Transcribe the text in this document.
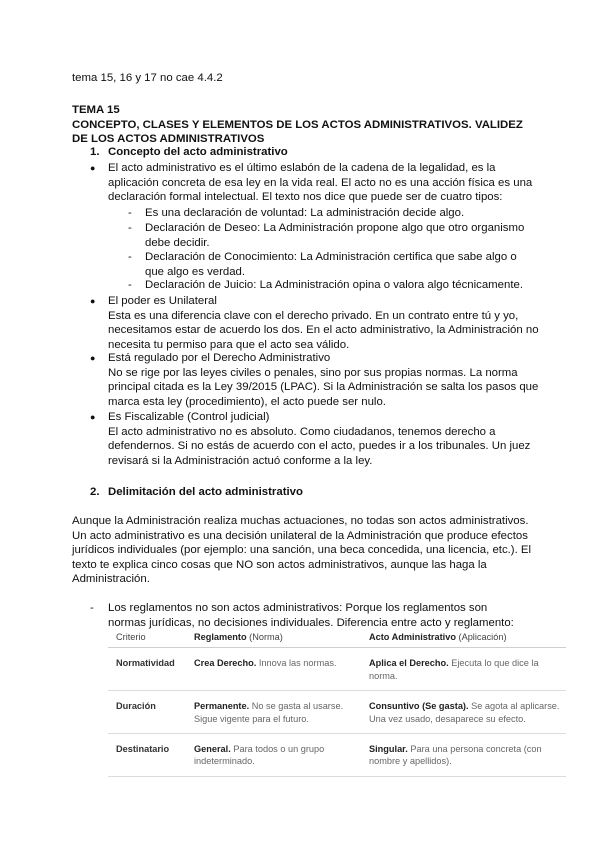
tema 15, 16 y 17 no cae 4.4.2
TEMA 15
CONCEPTO, CLASES Y ELEMENTOS DE LOS ACTOS ADMINISTRATIVOS. VALIDEZ
DE LOS ACTOS ADMINISTRATIVOS
1. Concepto del acto administrativo
● El acto administrativo es el último eslabón de la cadena de la legalidad, es la aplicación concreta de esa ley en la vida real. El acto no es una acción física es una declaración formal intelectual. El texto nos dice que puede ser de cuatro tipos:
- Es una declaración de voluntad: La administración decide algo.
- Declaración de Deseo: La Administración propone algo que otro organismo debe decidir.
- Declaración de Conocimiento: La Administración certifica que sabe algo o que algo es verdad.
- Declaración de Juicio: La Administración opina o valora algo técnicamente.
● El poder es Unilateral
Esta es una diferencia clave con el derecho privado. En un contrato entre tú y yo, necesitamos estar de acuerdo los dos. En el acto administrativo, la Administración no necesita tu permiso para que el acto sea válido.
● Está regulado por el Derecho Administrativo
No se rige por las leyes civiles o penales, sino por sus propias normas. La norma principal citada es la Ley 39/2015 (LPAC). Si la Administración se salta los pasos que marca esta ley (procedimiento), el acto puede ser nulo.
● Es Fiscalizable (Control judicial)
El acto administrativo no es absoluto. Como ciudadanos, tenemos derecho a defendernos. Si no estás de acuerdo con el acto, puedes ir a los tribunales. Un juez revisará si la Administración actuó conforme a la ley.
2. Delimitación del acto administrativo
Aunque la Administración realiza muchas actuaciones, no todas son actos administrativos. Un acto administrativo es una decisión unilateral de la Administración que produce efectos jurídicos individuales (por ejemplo: una sanción, una beca concedida, una licencia, etc.). El texto te explica cinco cosas que NO son actos administrativos, aunque las haga la Administración.
- Los reglamentos no son actos administrativos: Porque los reglamentos son normas jurídicas, no decisiones individuales. Diferencia entre acto y reglamento:
Criterio	Reglamento (Norma)	Acto Administrativo (Aplicación)
Normatividad	Crea Derecho. Innova las normas.	Aplica el Derecho. Ejecuta lo que dice la norma.
Duración	Permanente. No se gasta al usarse. Sigue vigente para el futuro.	Consuntivo (Se gasta). Se agota al aplicarse. Una vez usado, desaparece su efecto.
Destinatario	General. Para todos o un grupo indeterminado.	Singular. Para una persona concreta (con nombre y apellidos).
